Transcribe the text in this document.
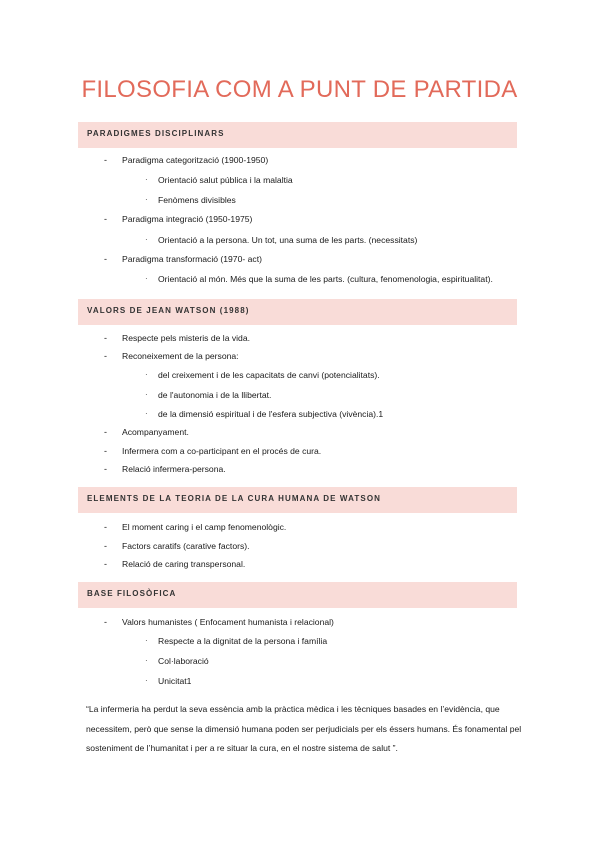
FILOSOFIA COM A PUNT DE PARTIDA
PARADIGMES DISCIPLINARS
- Paradigma categorització (1900-1950)
· Orientació salut pública i la malaltia
· Fenòmens divisibles
- Paradigma integració (1950-1975)
· Orientació a la persona. Un tot, una suma de les parts. (necessitats)
- Paradigma transformació (1970- act)
· Orientació al món. Més que la suma de les parts. (cultura, fenomenologia, espiritualitat).
VALORS DE JEAN WATSON (1988)
- Respecte pels misteris de la vida.
- Reconeixement de la persona:
· del creixement i de les capacitats de canvi (potencialitats).
· de l'autonomia i de la llibertat.
· de la dimensió espiritual i de l'esfera subjectiva (vivència).1
- Acompanyament.
- Infermera com a co-participant en el procés de cura.
- Relació infermera-persona.
ELEMENTS DE LA TEORIA DE LA CURA HUMANA DE WATSON
- El moment caring i el camp fenomenològic.
- Factors caratifs (carative factors).
- Relació de caring transpersonal.
BASE FILOSÒFICA
- Valors humanistes ( Enfocament humanista i relacional)
· Respecte a la dignitat de la persona i família
· Col·laboració
· Unicitat1
“La infermeria ha perdut la seva essència amb la pràctica mèdica i les tècniques basades en l’evidència, que necessitem, però que sense la dimensió humana poden ser perjudicials per els éssers humans. És fonamental pel sosteniment de l’humanitat i per a re situar la cura, en el nostre sistema de salut ”.
